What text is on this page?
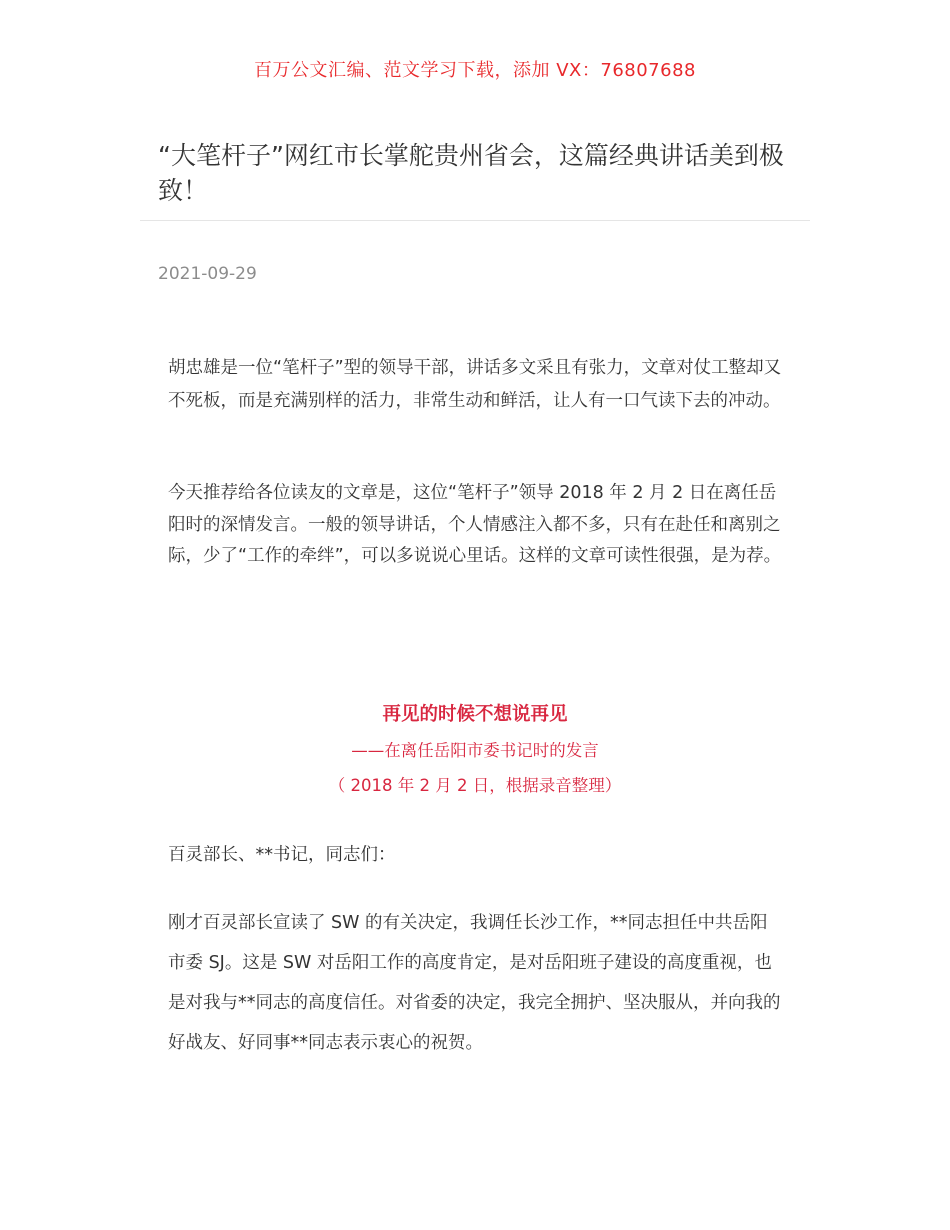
百万公文汇编、范文学习下载，添加 VX：76807688
“大笔杆子”网红市长掌舵贵州省会，这篇经典讲话美到极致！
2021-09-29

胡忠雄是一位“笔杆子”型的领导干部，讲话多文采且有张力，文章对仗工整却又不死板，而是充满别样的活力，非常生动和鲜活，让人有一口气读下去的冲动。

今天推荐给各位读友的文章是，这位“笔杆子”领导 2018 年 2 月 2 日在离任岳阳时的深情发言。一般的领导讲话，个人情感注入都不多，只有在赴任和离别之际，少了“工作的牵绊”，可以多说说心里话。这样的文章可读性很强，是为荐。

再见的时候不想说再见
——在离任岳阳市委书记时的发言
（ 2018 年 2 月 2 日，根据录音整理）
百灵部长、**书记，同志们：

刚才百灵部长宣读了 SW 的有关决定，我调任长沙工作，**同志担任中共岳阳市委 SJ。这是 SW 对岳阳工作的高度肯定，是对岳阳班子建设的高度重视，也是对我与**同志的高度信任。对省委的决定，我完全拥护、坚决服从，并向我的好战友、好同事**同志表示衷心的祝贺。
